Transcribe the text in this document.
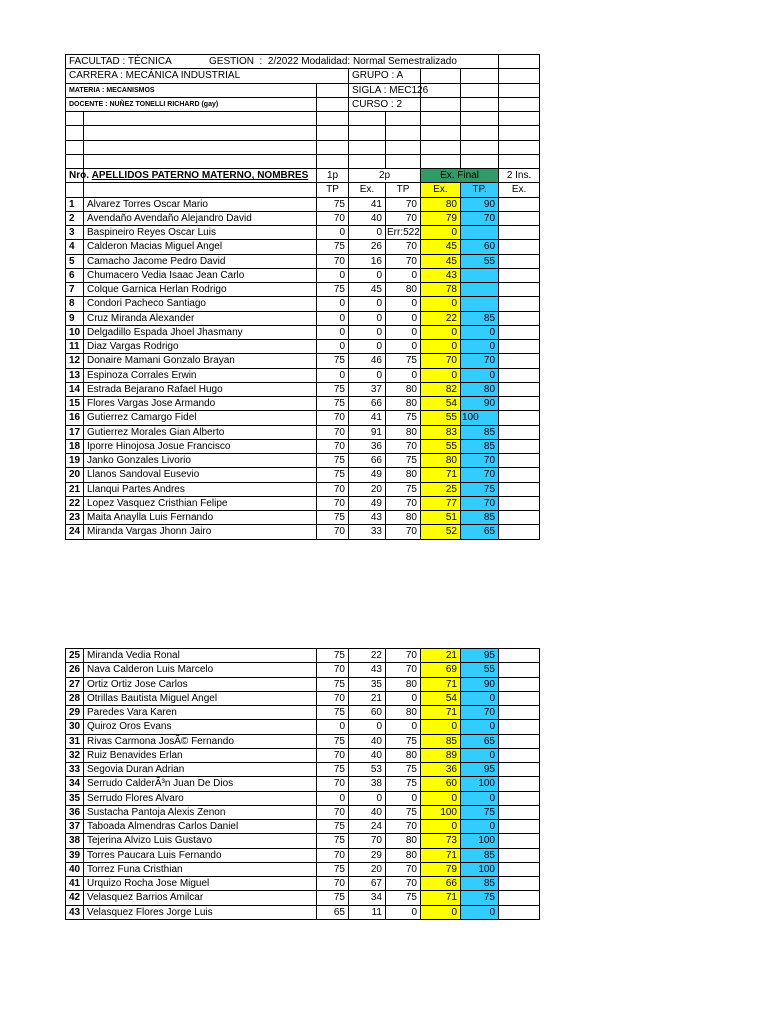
FACULTAD : TÉCNICA GESTION  :  2/2022 Modalidad: Normal Semestralizado							
CARRERA : MECÁNICA INDUSTRIAL			GRUPO : A				
MATERIA : MECANISMOS			SIGLA : MEC126				
DOCENTE : NUÑEZ TONELLI RICHARD (gay)			CURSO : 2				

Nro.	APELLIDOS PATERNO MATERNO, NOMBRES	1p	2p		Ex. Final		2 Ins.
		TP	Ex.	TP	Ex.	TP.	Ex.
1	Alvarez Torres Oscar Mario	75	41	70	80	90	
2	Avendaño Avendaño Alejandro David	70	40	70	79	70	
3	Baspineiro Reyes Oscar Luis	0	0	Err:522	0		
4	Calderon Macias Miguel Angel	75	26	70	45	60	
5	Camacho Jacome Pedro David	70	16	70	45	55	
6	Chumacero Vedia Isaac Jean Carlo	0	0	0	43		
7	Colque Garnica Herlan Rodrigo	75	45	80	78		
8	Condori Pacheco Santiago	0	0	0	0		
9	Cruz Miranda Alexander	0	0	0	22	85	
10	Delgadillo Espada Jhoel Jhasmany	0	0	0	0	0	
11	Diaz Vargas Rodrigo	0	0	0	0	0	
12	Donaire Mamani Gonzalo Brayan	75	46	75	70	70	
13	Espinoza Corrales Erwin	0	0	0	0	0	
14	Estrada Bejarano Rafael Hugo	75	37	80	82	80	
15	Flores Vargas Jose Armando	75	66	80	54	90	
16	Gutierrez Camargo Fidel	70	41	75	55	100	
17	Gutierrez Morales Gian Alberto	70	91	80	83	85	
18	Iporre Hinojosa Josue Francisco	70	36	70	55	85	
19	Janko Gonzales Livorio	75	66	75	80	70	
20	Llanos Sandoval Eusevio	75	49	80	71	70	
21	Llanqui Partes Andres	70	20	75	25	75	
22	Lopez Vasquez Cristhian Felipe	70	49	70	77	70	
23	Maita Anaylla Luis Fernando	75	43	80	51	85	
24	Miranda Vargas Jhonn Jairo	70	33	70	52	65	
25	Miranda Vedia Ronal	75	22	70	21	95	
26	Nava Calderon Luis Marcelo	70	43	70	69	55	
27	Ortiz Ortiz Jose Carlos	75	35	80	71	90	
28	Otrillas Bautista Miguel Angel	70	21	0	54	0	
29	Paredes Vara Karen	75	60	80	71	70	
30	Quiroz Oros Evans	0	0	0	0	0	
31	Rivas Carmona JosÃ© Fernando	75	40	75	85	65	
32	Ruiz Benavides Erlan	70	40	80	89	0	
33	Segovia Duran Adrian	75	53	75	36	95	
34	Serrudo CalderÃ³n Juan De Dios	70	38	75	60	100	
35	Serrudo Flores Alvaro	0	0	0	0	0	
36	Sustacha Pantoja Alexis Zenon	70	40	75	100	75	
37	Taboada Almendras Carlos Daniel	75	24	70	0	0	
38	Tejerina Alvizo Luis Gustavo	75	70	80	73	100	
39	Torres Paucara Luis Fernando	70	29	80	71	85	
40	Torrez Funa Cristhian	75	20	70	79	100	
41	Urquizo Rocha Jose Miguel	70	67	70	66	85	
42	Velasquez Barrios Amilcar	75	34	75	71	75	
43	Velasquez Flores Jorge Luis	65	11	0	0	0	
